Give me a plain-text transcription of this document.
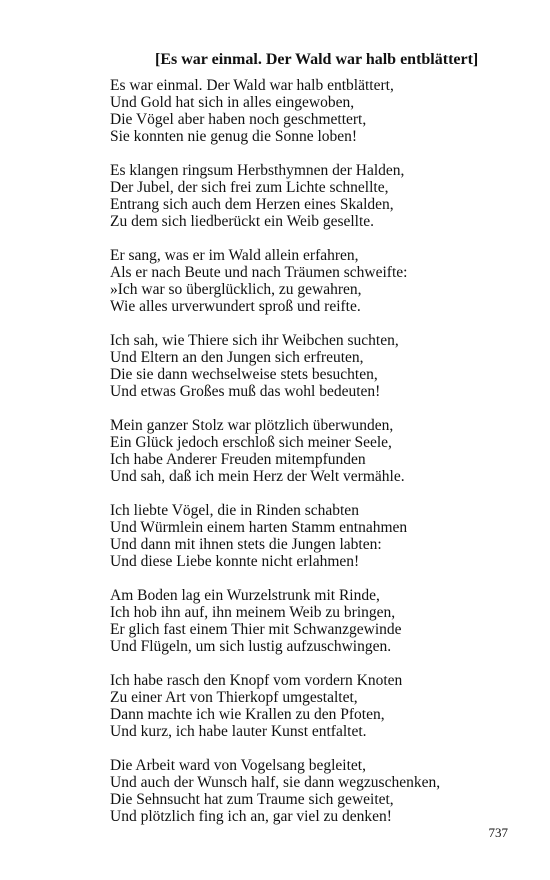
[Es war einmal. Der Wald war halb entblättert]
Es war einmal. Der Wald war halb entblättert,
Und Gold hat sich in alles eingewoben,
Die Vögel aber haben noch geschmettert,
Sie konnten nie genug die Sonne loben!
Es klangen ringsum Herbsthymnen der Halden,
Der Jubel, der sich frei zum Lichte schnellte,
Entrang sich auch dem Herzen eines Skalden,
Zu dem sich liedberückt ein Weib gesellte.
Er sang, was er im Wald allein erfahren,
Als er nach Beute und nach Träumen schweifte:
»Ich war so überglücklich, zu gewahren,
Wie alles urverwundert sproß und reifte.
Ich sah, wie Thiere sich ihr Weibchen suchten,
Und Eltern an den Jungen sich erfreuten,
Die sie dann wechselweise stets besuchten,
Und etwas Großes muß das wohl bedeuten!
Mein ganzer Stolz war plötzlich überwunden,
Ein Glück jedoch erschloß sich meiner Seele,
Ich habe Anderer Freuden mitempfunden
Und sah, daß ich mein Herz der Welt vermähle.
Ich liebte Vögel, die in Rinden schabten
Und Würmlein einem harten Stamm entnahmen
Und dann mit ihnen stets die Jungen labten:
Und diese Liebe konnte nicht erlahmen!
Am Boden lag ein Wurzelstrunk mit Rinde,
Ich hob ihn auf, ihn meinem Weib zu bringen,
Er glich fast einem Thier mit Schwanzgewinde
Und Flügeln, um sich lustig aufzuschwingen.
Ich habe rasch den Knopf vom vordern Knoten
Zu einer Art von Thierkopf umgestaltet,
Dann machte ich wie Krallen zu den Pfoten,
Und kurz, ich habe lauter Kunst entfaltet.
Die Arbeit ward von Vogelsang begleitet,
Und auch der Wunsch half, sie dann wegzuschenken,
Die Sehnsucht hat zum Traume sich geweitet,
Und plötzlich fing ich an, gar viel zu denken!
737
